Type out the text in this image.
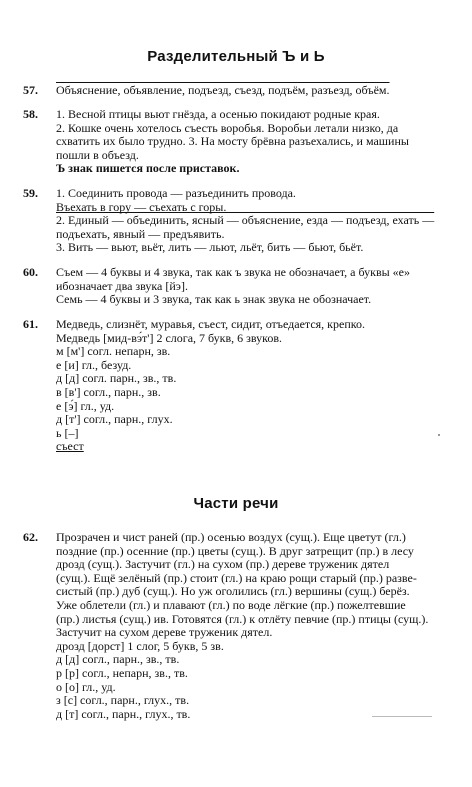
Разделительный Ъ и Ь
57.	Объяснение, объявление, подъезд, съезд, подъём, разъезд, объём.
58.	1. Весной птицы вьют гнёзда, а осенью покидают родные края.
2. Кошке очень хотелось съесть воробья. Воробьи летали низко, да
схватить их было трудно. 3. На мосту брёвна разъехались, и машины
пошли в объезд.
Ъ знак пишется после приставок.
59.	1. Соединить провода — разъединить провода.
Въехать в гору — съехать с горы.
2. Единый — объединить, ясный — объяснение, езда — подъезд, ехать —
подъехать, явный — предъявить.
3. Вить — вьют, вьёт, лить — льют, льёт, бить — бьют, бьёт.
60.	Съем — 4 буквы и 4 звука, так как ъ звука не обозначает, а буквы «е»
ибозначает два звука [йэ].
Семь — 4 буквы и 3 звука, так как ь знак звука не обозначает.
61.	Медведь, слизнёт, муравья, съест, сидит, отъедается, крепко.
Медведь [мид-вэ́т'] 2 слога, 7 букв, 6 звуков.
м [м'] согл. непарн, зв.
е [и] гл., безуд.
д [д] согл. парн., зв., тв.
в [в'] согл., парн., зв.
е [э́] гл., уд.
д [т'] согл., парн., глух.
ь [–]
съест
Части речи
62.	Прозрачен и чист раней (пр.) осенью воздух (сущ.). Еще цветут (гл.)
поздние (пр.) осенние (пр.) цветы (сущ.). В друг затрещит (пр.) в лесу
дрозд (сущ.). Застучит (гл.) на сухом (пр.) дереве труженик дятел
(сущ.). Ещё зелёный (пр.) стоит (гл.) на краю рощи старый (пр.) разве-
систый (пр.) дуб (сущ.). Но уж оголились (гл.) вершины (сущ.) берёз.
Уже облетели (гл.) и плавают (гл.) по воде лёгкие (пр.) пожелтевшие
(пр.) листья (сущ.) ив. Готовятся (гл.) к отлёту певчие (пр.) птицы (сущ.).
Застучит на сухом дереве труженик дятел.
дрозд [дорст] 1 слог, 5 букв, 5 зв.
д [д] согл., парн., зв., тв.
р [р] согл., непарн, зв., тв.
о [о] гл., уд.
з [с] согл., парн., глух., тв.
д [т] согл., парн., глух., тв.
